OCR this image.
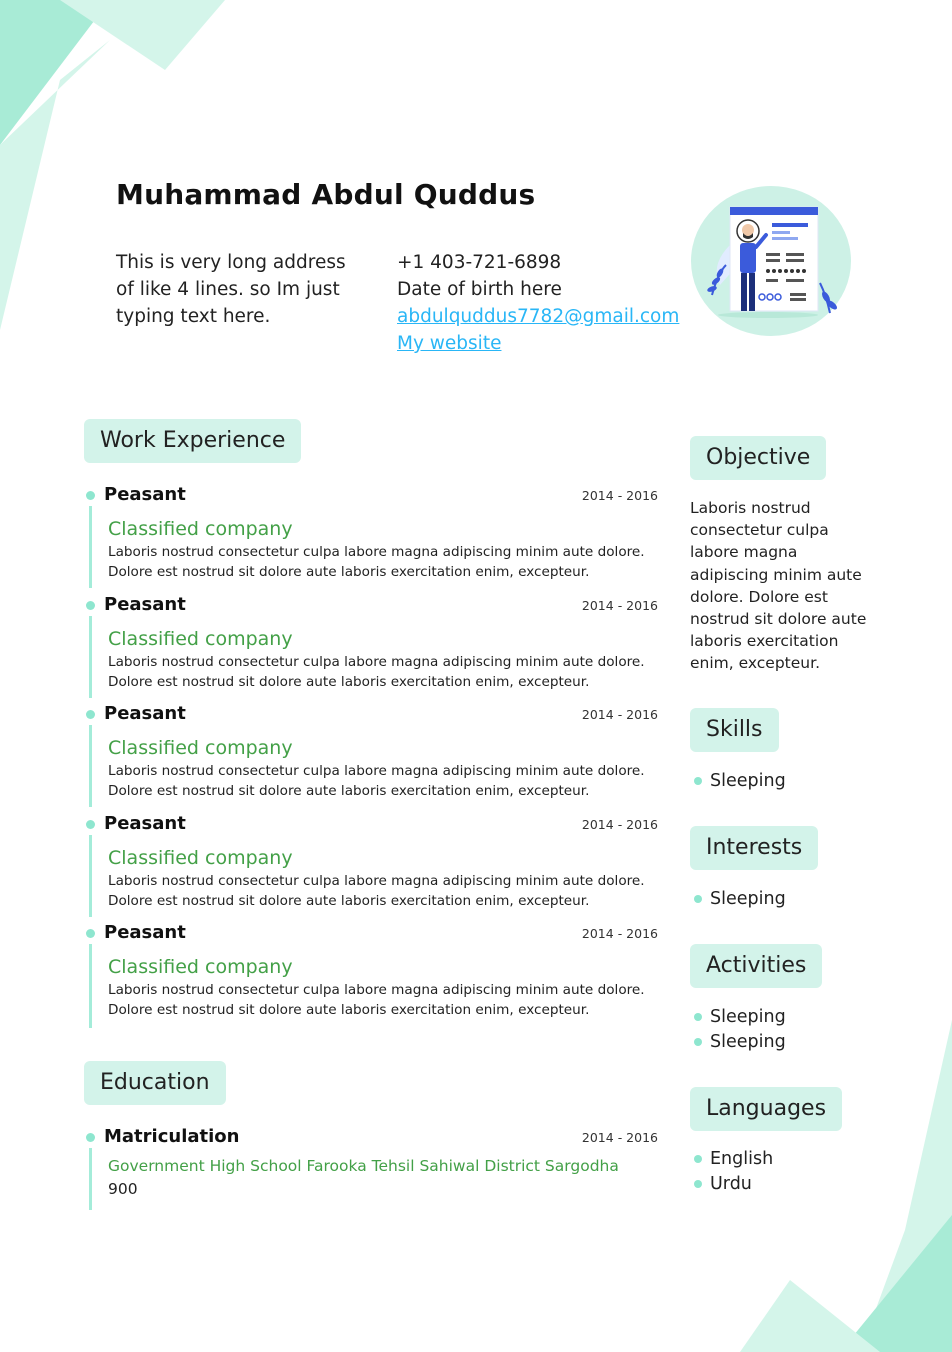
Muhammad Abdul Quddus

This is very long address of like 4 lines. so Im just typing text here.

+1 403-721-6898
Date of birth here
abdulquddus7782@gmail.com
My website
Work Experience
Peasant	2014 - 2016
Classified company

Laboris nostrud consectetur culpa labore magna adipiscing minim aute dolore. Dolore est nostrud sit dolore aute laboris exercitation enim, excepteur.

Peasant	2014 - 2016
Classified company

Laboris nostrud consectetur culpa labore magna adipiscing minim aute dolore. Dolore est nostrud sit dolore aute laboris exercitation enim, excepteur.

Peasant	2014 - 2016
Classified company

Laboris nostrud consectetur culpa labore magna adipiscing minim aute dolore. Dolore est nostrud sit dolore aute laboris exercitation enim, excepteur.

Peasant	2014 - 2016
Classified company

Laboris nostrud consectetur culpa labore magna adipiscing minim aute dolore. Dolore est nostrud sit dolore aute laboris exercitation enim, excepteur.

Peasant	2014 - 2016
Classified company

Laboris nostrud consectetur culpa labore magna adipiscing minim aute dolore. Dolore est nostrud sit dolore aute laboris exercitation enim, excepteur.

Education
Matriculation	2014 - 2016
Government High School Farooka Tehsil Sahiwal District Sargodha
900
Objective

Laboris nostrud consectetur culpa labore magna adipiscing minim aute dolore. Dolore est nostrud sit dolore aute laboris exercitation enim, excepteur.

Skills
Sleeping
Interests
Sleeping
Activities
Sleeping
Sleeping
Languages
English
Urdu
